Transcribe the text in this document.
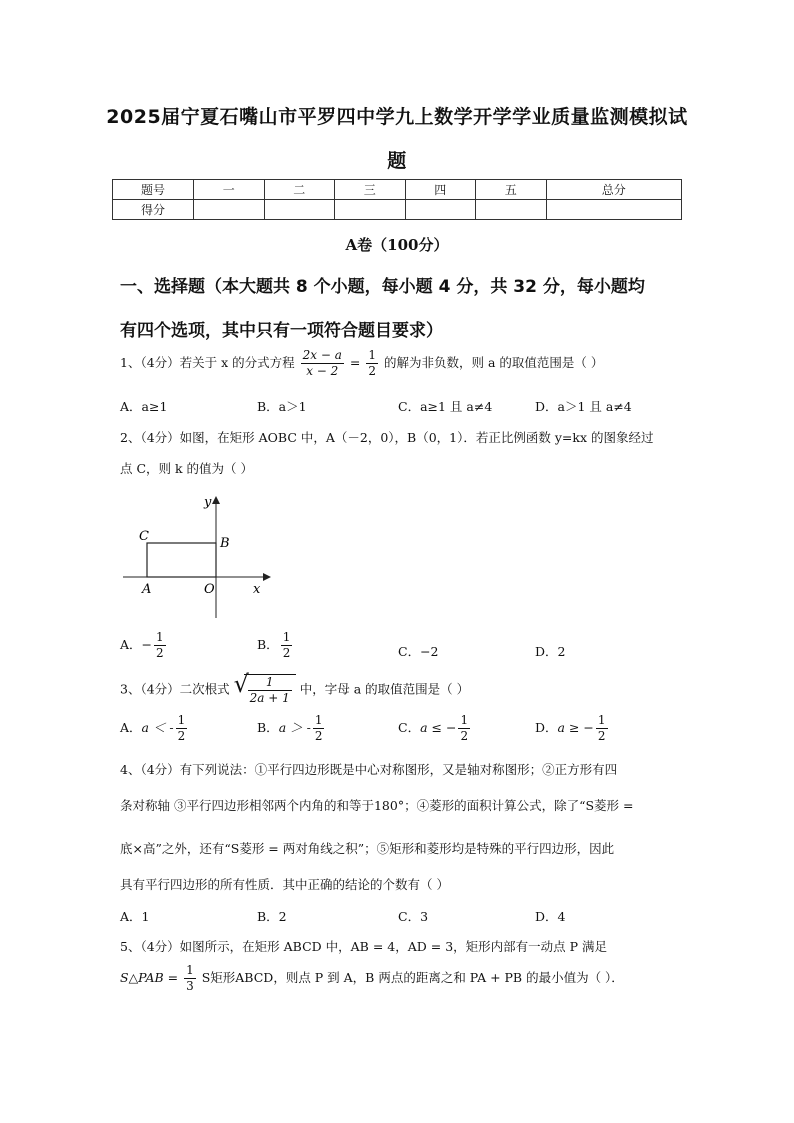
2025届宁夏石嘴山市平罗四中学九上数学开学学业质量监测模拟试
题
题号	一	二	三	四	五	总分
得分						
A卷（100分）
一、选择题（本大题共 8 个小题，每小题 4 分，共 32 分，每小题均
有四个选项，其中只有一项符合题目要求）
1、（4分）若关于 x 的分式方程 $\frac{2x - a}{x - 2} = \frac{1}{2}$ 的解为非负数，则 a 的取值范围是（ ）
A．a≥1	B．a＞1	C．a≥1 且 a≠4	D．a＞1 且 a≠4
2、（4分）如图，在矩形 AOBC 中，A（－2，0），B（0，1）．若正比例函数 y=kx 的图象经过
点 C，则 k 的值为（ ）
y
x
C	B
A	O
A．− $\frac{1}{2}$	B． $\frac{1}{2}$	C．−2	D．2
3、（4分）二次根式 √
$\frac{1}{2a + 1}$ 中，字母 a 的取值范围是（ ）
A．a ＜ - $\frac{1}{2}$	B．a ＞ - $\frac{1}{2}$	C．a ≤ − $\frac{1}{2}$	D．a ≥ − $\frac{1}{2}$
4、（4分）有下列说法：①平行四边形既是中心对称图形，又是轴对称图形；②正方形有四
条对称轴 ③平行四边形相邻两个内角的和等于180°；④菱形的面积计算公式，除了“S菱形 =
底×高”之外，还有“S菱形 = 两对角线之积”；⑤矩形和菱形均是特殊的平行四边形，因此
具有平行四边形的所有性质．其中正确的结论的个数有（ ）
A．1	B．2	C．3	D．4
5、（4分）如图所示，在矩形 ABCD 中，AB = 4，AD = 3，矩形内部有一动点 P 满足
S△PAB = $\frac{1}{3}$ S矩形ABCD，则点 P 到 A，B 两点的距离之和 PA + PB 的最小值为（ ）．
